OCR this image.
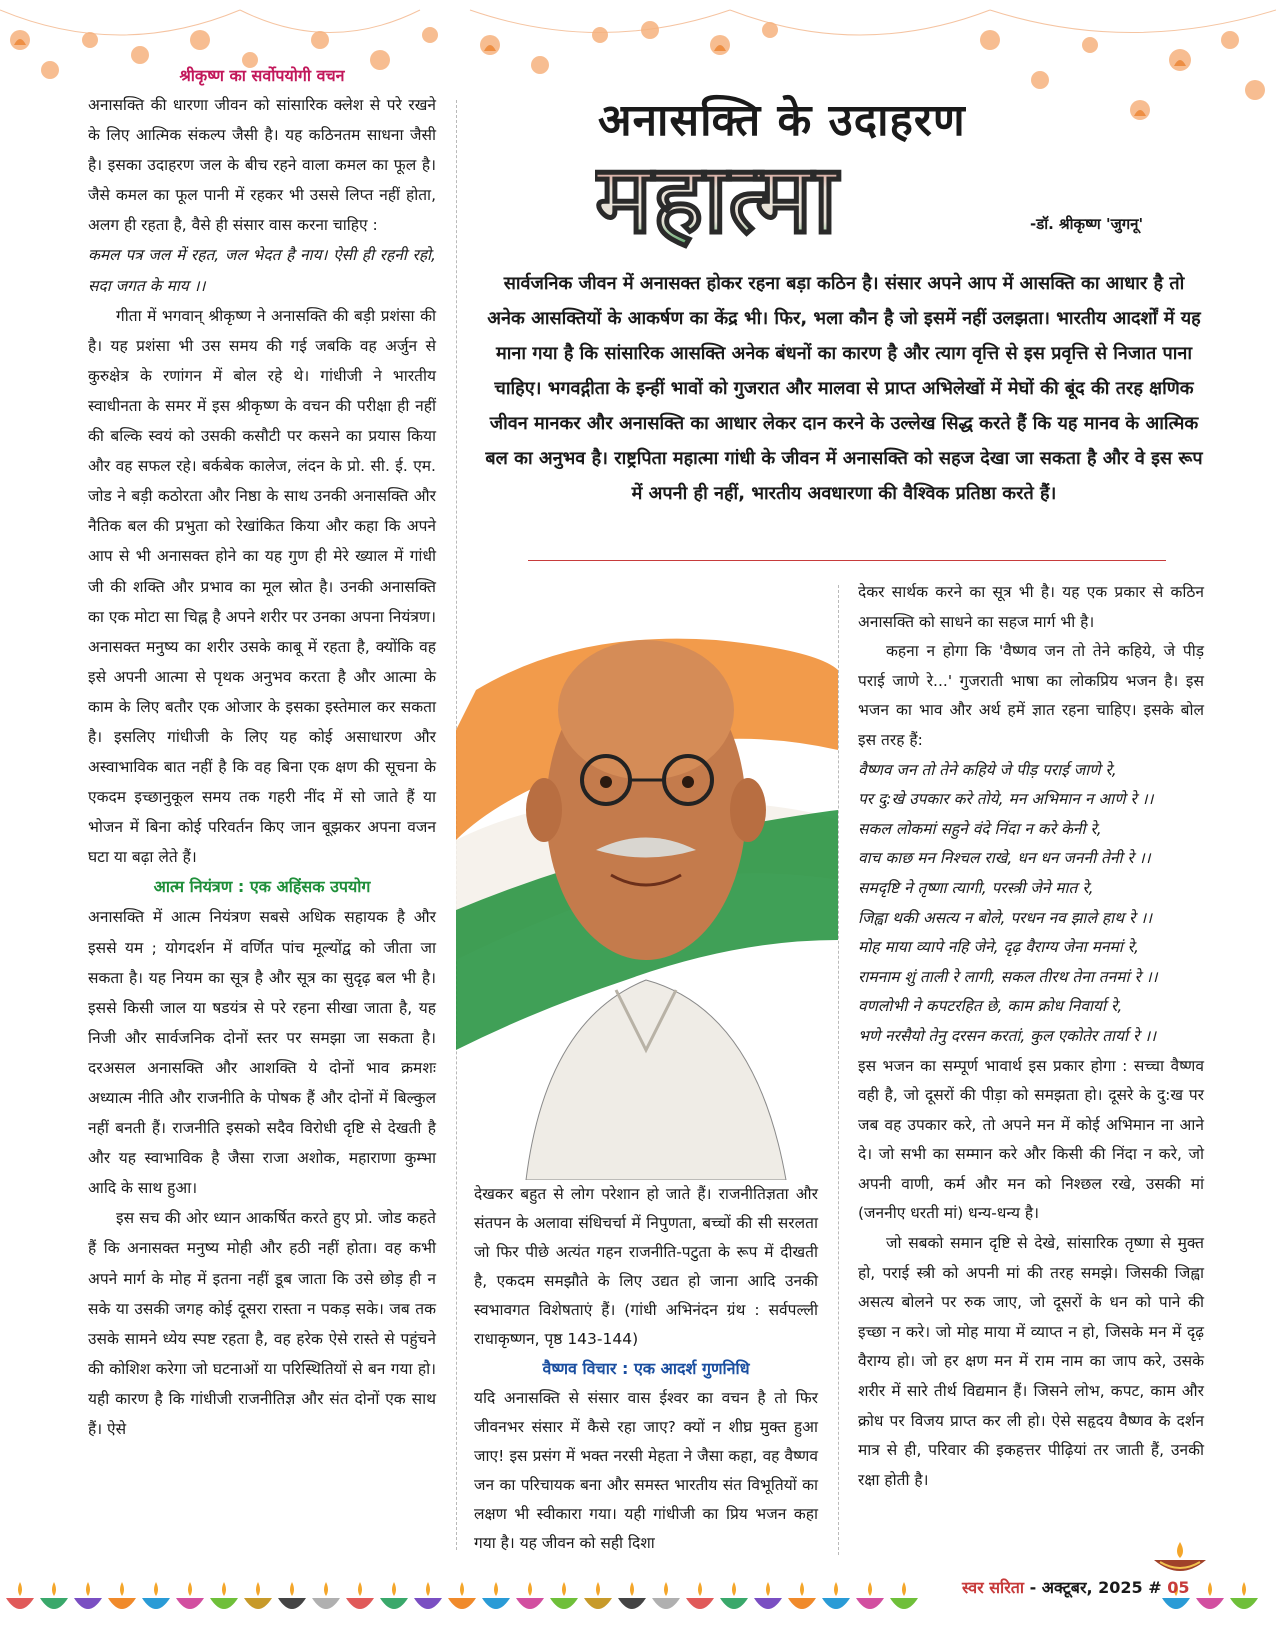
श्रीकृष्ण का सर्वोपयोगी वचन

अनासक्ति की धारणा जीवन को सांसारिक क्लेश से परे रखने के लिए आत्मिक संकल्प जैसी है। यह कठिनतम साधना जैसी है। इसका उदाहरण जल के बीच रहने वाला कमल का फूल है। जैसे कमल का फूल पानी में रहकर भी उससे लिप्त नहीं होता, अलग ही रहता है, वैसे ही संसार वास करना चाहिए :

कमल पत्र जल में रहत, जल भेदत है नाय। ऐसी ही रहनी रहो, सदा जगत के माय ।।

गीता में भगवान् श्रीकृष्ण ने अनासक्ति की बड़ी प्रशंसा की है। यह प्रशंसा भी उस समय की गई जबकि वह अर्जुन से कुरुक्षेत्र के रणांगन में बोल रहे थे। गांधीजी ने भारतीय स्वाधीनता के समर में इस श्रीकृष्ण के वचन की परीक्षा ही नहीं की बल्कि स्वयं को उसकी कसौटी पर कसने का प्रयास किया और वह सफल रहे। बर्कबेक कालेज, लंदन के प्रो. सी. ई. एम. जोड ने बड़ी कठोरता और निष्ठा के साथ उनकी अनासक्ति और नैतिक बल की प्रभुता को रेखांकित किया और कहा कि अपने आप से भी अनासक्त होने का यह गुण ही मेरे ख्याल में गांधी जी की शक्ति और प्रभाव का मूल स्रोत है। उनकी अनासक्ति का एक मोटा सा चिह्न है अपने शरीर पर उनका अपना नियंत्रण। अनासक्त मनुष्य का शरीर उसके काबू में रहता है, क्योंकि वह इसे अपनी आत्मा से पृथक अनुभव करता है और आत्मा के काम के लिए बतौर एक ओजार के इसका इस्तेमाल कर सकता है। इसलिए गांधीजी के लिए यह कोई असाधारण और अस्वाभाविक बात नहीं है कि वह बिना एक क्षण की सूचना के एकदम इच्छानुकूल समय तक गहरी नींद में सो जाते हैं या भोजन में बिना कोई परिवर्तन किए जान बूझकर अपना वजन घटा या बढ़ा लेते हैं।

आत्म नियंत्रण : एक अहिंसक उपयोग

अनासक्ति में आत्म नियंत्रण सबसे अधिक सहायक है और इससे यम ; योगदर्शन में वर्णित पांच मूल्योंद्व को जीता जा सकता है। यह नियम का सूत्र है और सूत्र का सुदृढ़ बल भी है। इससे किसी जाल या षडयंत्र से परे रहना सीखा जाता है, यह निजी और सार्वजनिक दोनों स्तर पर समझा जा सकता है। दरअसल अनासक्ति और आशक्ति ये दोनों भाव क्रमशः अध्यात्म नीति और राजनीति के पोषक हैं और दोनों में बिल्कुल नहीं बनती हैं। राजनीति इसको सदैव विरोधी दृष्टि से देखती है और यह स्वाभाविक है जैसा राजा अशोक, महाराणा कुम्भा आदि के साथ हुआ।

इस सच की ओर ध्यान आकर्षित करते हुए प्रो. जोड कहते हैं कि अनासक्त मनुष्य मोही और हठी नहीं होता। वह कभी अपने मार्ग के मोह में इतना नहीं डूब जाता कि उसे छोड़ ही न सके या उसकी जगह कोई दूसरा रास्ता न पकड़ सके। जब तक उसके सामने ध्येय स्पष्ट रहता है, वह हरेक ऐसे रास्ते से पहुंचने की कोशिश करेगा जो घटनाओं या परिस्थितियों से बन गया हो। यही कारण है कि गांधीजी राजनीतिज्ञ और संत दोनों एक साथ हैं। ऐसे

अनासक्ति के उदाहरण
महात्मा	-डॉ. श्रीकृष्ण 'जुगनू'
सार्वजनिक जीवन में अनासक्त होकर रहना बड़ा कठिन है। संसार अपने आप में आसक्ति का आधार है तो अनेक आसक्तियों के आकर्षण का केंद्र भी। फिर, भला कौन है जो इसमें नहीं उलझता। भारतीय आदर्शों में यह माना गया है कि सांसारिक आसक्ति अनेक बंधनों का कारण है और त्याग वृत्ति से इस प्रवृत्ति से निजात पाना चाहिए। भगवद्गीता के इन्हीं भावों को गुजरात और मालवा से प्राप्त अभिलेखों में मेघों की बूंद की तरह क्षणिक जीवन मानकर और अनासक्ति का आधार लेकर दान करने के उल्लेख सिद्ध करते हैं कि यह मानव के आत्मिक बल का अनुभव है। राष्ट्रपिता महात्मा गांधी के जीवन में अनासक्ति को सहज देखा जा सकता है और वे इस रूप में अपनी ही नहीं, भारतीय अवधारणा की वैश्विक प्रतिष्ठा करते हैं।

देखकर बहुत से लोग परेशान हो जाते हैं। राजनीतिज्ञता और संतपन के अलावा संधिचर्चा में निपुणता, बच्चों की सी सरलता जो फिर पीछे अत्यंत गहन राजनीति-पटुता के रूप में दीखती है, एकदम समझौते के लिए उद्यत हो जाना आदि उनकी स्वभावगत विशेषताएं हैं। (गांधी अभिनंदन ग्रंथ : सर्वपल्ली राधाकृष्णन, पृष्ठ 143-144)

वैष्णव विचार : एक आदर्श गुणनिधि

यदि अनासक्ति से संसार वास ईश्वर का वचन है तो फिर जीवनभर संसार में कैसे रहा जाए? क्यों न शीघ्र मुक्त हुआ जाए! इस प्रसंग में भक्त नरसी मेहता ने जैसा कहा, वह वैष्णव जन का परिचायक बना और समस्त भारतीय संत विभूतियों का लक्षण भी स्वीकारा गया। यही गांधीजी का प्रिय भजन कहा गया है। यह जीवन को सही दिशा

देकर सार्थक करने का सूत्र भी है। यह एक प्रकार से कठिन अनासक्ति को साधने का सहज मार्ग भी है।

कहना न होगा कि 'वैष्णव जन तो तेने कहिये, जे पीड़ पराई जाणे रे...' गुजराती भाषा का लोकप्रिय भजन है। इस भजन का भाव और अर्थ हमें ज्ञात रहना चाहिए। इसके बोल इस तरह हैं:

वैष्णव जन तो तेने कहिये जे पीड़ पराई जाणे रे,
पर दु:खे उपकार करे तोये, मन अभिमान न आणे रे ।।
सकल लोकमां सहुने वंदे निंदा न करे केनी रे,
वाच काछ मन निश्चल राखे, धन धन जननी तेनी रे ।।
समदृष्टि ने तृष्णा त्यागी, परस्त्री जेने मात रे,
जिह्वा थकी असत्य न बोले, परधन नव झाले हाथ रे ।।
मोह माया व्यापे नहि जेने, दृढ़ वैराग्य जेना मनमां रे,
रामनाम शुं ताली रे लागी, सकल तीरथ तेना तनमां रे ।।
वणलोभी ने कपटरहित छे, काम क्रोध निवार्या रे,
भणे नरसैयो तेनु दरसन करतां, कुल एकोतेर तार्या रे ।।

इस भजन का सम्पूर्ण भावार्थ इस प्रकार होगा : सच्चा वैष्णव वही है, जो दूसरों की पीड़ा को समझता हो। दूसरे के दु:ख पर जब वह उपकार करे, तो अपने मन में कोई अभिमान ना आने दे। जो सभी का सम्मान करे और किसी की निंदा न करे, जो अपनी वाणी, कर्म और मन को निश्छल रखे, उसकी मां (जननीए धरती मां) धन्य-धन्य है।

जो सबको समान दृष्टि से देखे, सांसारिक तृष्णा से मुक्त हो, पराई स्त्री को अपनी मां की तरह समझे। जिसकी जिह्वा असत्य बोलने पर रुक जाए, जो दूसरों के धन को पाने की इच्छा न करे। जो मोह माया में व्याप्त न हो, जिसके मन में दृढ़ वैराग्य हो। जो हर क्षण मन में राम नाम का जाप करे, उसके शरीर में सारे तीर्थ विद्यमान हैं। जिसने लोभ, कपट, काम और क्रोध पर विजय प्राप्त कर ली हो। ऐसे सहृदय वैष्णव के दर्शन मात्र से ही, परिवार की इकहत्तर पीढ़ियां तर जाती हैं, उनकी रक्षा होती है।

स्वर सरिता - अक्टूबर, 2025 # 05
